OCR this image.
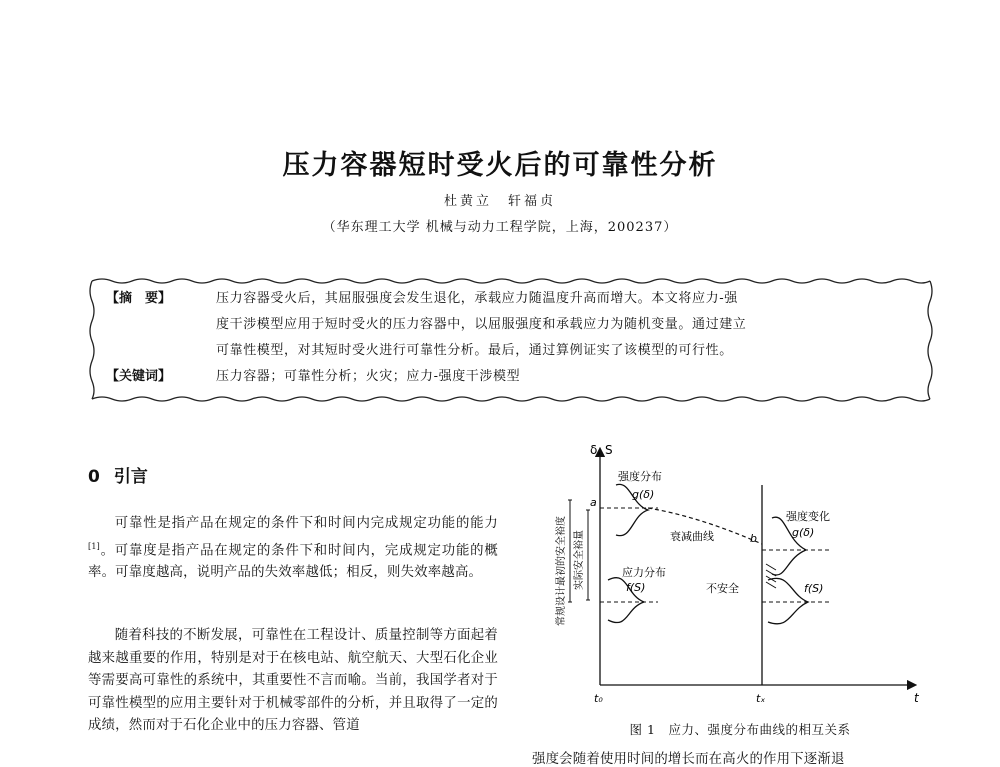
压力容器短时受火后的可靠性分析

杜黄立　轩福贞

（华东理工大学 机械与动力工程学院，上海，200237）

【摘　要】	压力容器受火后，其屈服强度会发生退化，承载应力随温度升高而增大。本文将应力-强
度干涉模型应用于短时受火的压力容器中，以屈服强度和承载应力为随机变量。通过建立
可靠性模型，对其短时受火进行可靠性分析。最后，通过算例证实了该模型的可行性。
【关键词】	压力容器；可靠性分析；火灾；应力-强度干涉模型
0 引言

可靠性是指产品在规定的条件下和时间内完成规定功能的能力[1]。可靠度是指产品在规定的条件下和时间内，完成规定功能的概率。可靠度越高，说明产品的失效率越低；相反，则失效率越高。

随着科技的不断发展，可靠性在工程设计、质量控制等方面起着越来越重要的作用，特别是对于在核电站、航空航天、大型石化企业等需要高可靠性的系统中，其重要性不言而喻。当前，我国学者对于可靠性模型的应用主要针对于机械零部件的分析，并且取得了一定的成绩，然而对于石化企业中的压力容器、管道

δ, S
t
t₀	tₓ
a
b
强度分布
g(δ)
应力分布
f(S)
衰减曲线
强度变化
g(δ)
不安全	f(S)
常规设计最初的安全裕度 实际安全裕量

图 1　应力、强度分布曲线的相互关系

强度会随着使用时间的增长而在高火的作用下逐渐退
